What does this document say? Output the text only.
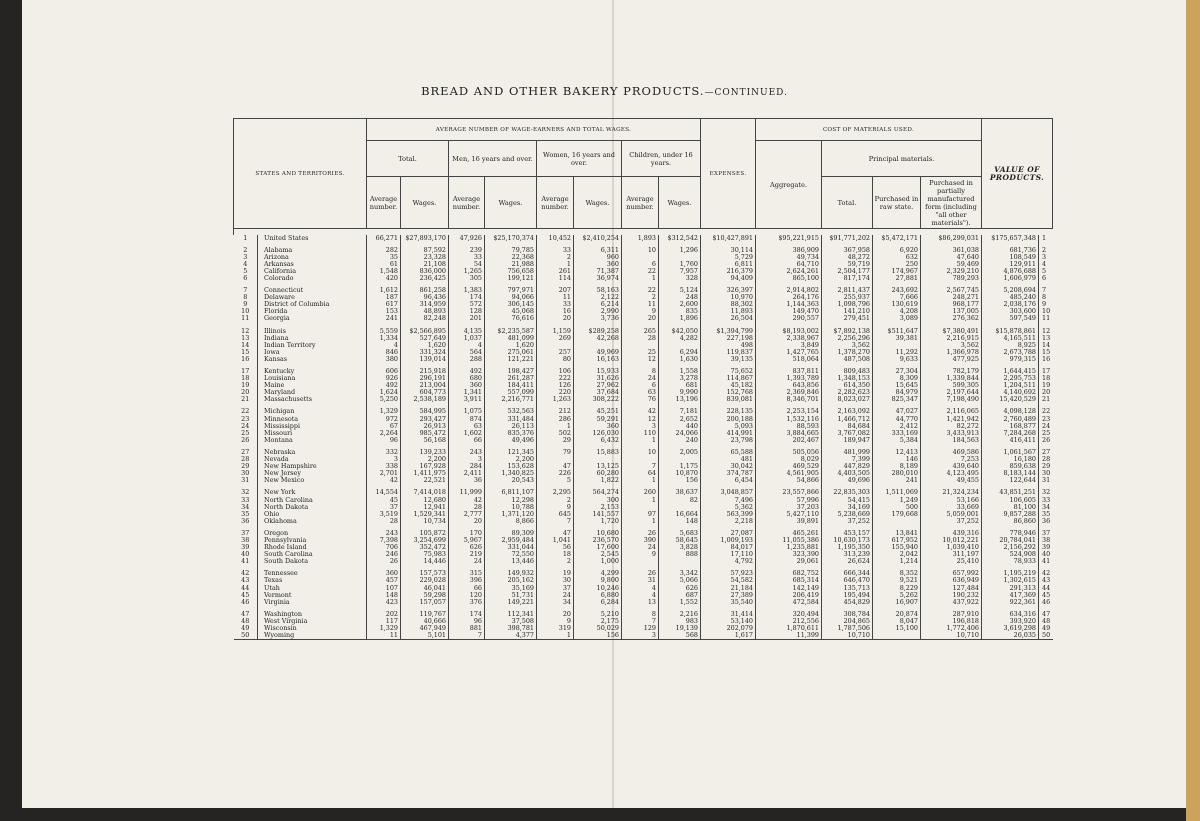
BREAD AND OTHER BAKERY PRODUCTS.—CONTINUED.
STATES AND TERRITORIES.		AVERAGE NUMBER OF WAGE-EARNERS AND TOTAL WAGES.								EXPENSES.	COST OF MATERIALS USED.				VALUE OF PRODUCTS.	
		Total.		Men, 16 years and over.		Women, 16 years and over.		Children, under 16 years.			Aggregate.	Principal materials.				
		Average number.	Wages.	Average number.	Wages.	Average number.	Wages.	Average number.	Wages.			Total.	Purchased in raw state.	Purchased in partially manufactured form (including "all other materials").		

1	United States	66,271	$27,893,170	47,926	$25,170,374	10,452	$2,410,254	1,893	$312,542	$10,427,891	$95,221,915	$91,771,202	$5,472,171	$86,299,031	$175,657,348	1

2	Alabama	282	87,592	239	79,785	33	6,311	10	1,296	30,114	386,909	367,958	6,920	361,038	681,736	2
3	Arizona	35	23,328	33	22,368	2	960			5,729	49,734	48,272	632	47,640	108,549	3
4	Arkansas	61	21,108	54	21,988	1	360	6	1,760	6,811	64,710	59,719	250	59,469	129,911	4
5	California	1,548	836,000	1,265	756,658	261	71,387	22	7,957	216,379	2,624,261	2,504,177	174,967	2,329,210	4,876,688	5
6	Colorado	420	236,425	305	199,121	114	36,974	1	328	94,409	865,100	817,174	27,881	789,293	1,606,979	6

7	Connecticut	1,612	861,258	1,383	797,971	207	58,163	22	5,124	326,397	2,914,802	2,811,437	243,692	2,567,745	5,208,694	7
8	Delaware	187	96,436	174	94,066	11	2,122	2	248	10,970	264,176	255,937	7,666	248,271	485,240	8
9	District of Columbia	617	314,959	572	306,145	33	6,214	11	2,600	88,302	1,144,363	1,098,796	130,619	968,177	2,038,176	9
10	Florida	153	48,893	128	45,068	16	2,990	9	835	11,893	149,470	141,210	4,208	137,005	303,600	10
11	Georgia	241	82,248	201	76,616	20	3,736	20	1,896	26,504	290,557	279,451	3,089	276,362	597,549	11

12	Illinois	5,559	$2,566,895	4,135	$2,235,587	1,159	$289,258	265	$42,050	$1,394,799	$8,193,002	$7,892,138	$511,647	$7,380,491	$15,878,861	12
13	Indiana	1,334	527,649	1,037	481,099	269	42,268	28	4,282	227,198	2,338,967	2,256,296	39,381	2,216,915	4,165,511	13
14	Indian Territory	4	1,620	4	1,620					498	3,849	3,562		3,562	8,925	14
15	Iowa	846	331,324	564	275,061	257	49,969	25	6,294	119,837	1,427,765	1,378,270	11,292	1,366,978	2,673,788	15
16	Kansas	380	139,014	288	121,221	80	16,163	12	1,630	39,135	518,064	487,508	9,633	477,925	979,315	16

17	Kentucky	606	215,918	492	198,427	106	15,933	8	1,558	75,652	837,811	809,483	27,304	782,179	1,644,415	17
18	Louisiana	926	296,191	680	261,287	222	31,626	24	3,278	114,867	1,393,789	1,348,153	8,309	1,339,844	2,295,753	18
19	Maine	492	213,004	360	184,411	126	27,962	6	681	45,182	643,856	614,350	15,645	599,305	1,204,511	19
20	Maryland	1,624	604,773	1,341	557,099	220	37,684	63	9,990	152,768	2,369,846	2,282,623	84,979	2,197,644	4,140,692	20
21	Massachusetts	5,250	2,538,189	3,911	2,216,771	1,263	308,222	76	13,196	839,081	8,346,701	8,023,027	825,347	7,198,490	15,420,529	21

22	Michigan	1,329	584,995	1,075	532,563	212	45,251	42	7,181	228,135	2,253,154	2,163,092	47,027	2,116,065	4,098,128	22
23	Minnesota	972	293,427	874	331,484	286	59,291	12	2,652	200,188	1,532,116	1,466,712	44,770	1,421,942	2,760,489	23
24	Mississippi	67	26,913	63	26,113	1	360	3	440	5,093	88,593	84,684	2,412	82,272	168,877	24
25	Missouri	2,264	985,472	1,602	835,376	502	126,030	110	24,066	414,991	3,884,665	3,767,082	333,169	3,433,913	7,284,268	25
26	Montana	96	56,168	66	49,496	29	6,432	1	240	23,798	202,467	189,947	5,384	184,563	416,411	26

27	Nebraska	332	139,233	243	121,345	79	15,883	10	2,005	65,588	505,056	481,999	12,413	469,586	1,061,567	27
28	Nevada	3	2,200	3	2,200					481	8,029	7,399	146	7,253	16,180	28
29	New Hampshire	338	167,928	284	153,628	47	13,125	7	1,175	30,042	469,529	447,829	8,189	439,640	859,638	29
30	New Jersey	2,701	1,411,975	2,411	1,340,825	226	60,280	64	10,870	374,787	4,561,905	4,403,505	280,010	4,123,495	8,183,144	30
31	New Mexico	42	22,521	36	20,543	5	1,822	1	156	6,454	54,866	49,696	241	49,455	122,644	31

32	New York	14,554	7,414,018	11,999	6,811,107	2,295	564,274	260	38,637	3,048,857	23,557,866	22,835,303	1,511,069	21,324,234	43,851,251	32
33	North Carolina	45	12,680	42	12,298	2	300	1	82	7,496	57,996	54,415	1,249	53,166	106,605	33
34	North Dakota	37	12,941	28	10,788	9	2,153			5,362	37,203	34,169	500	33,669	81,100	34
35	Ohio	3,519	1,529,341	2,777	1,371,120	645	141,557	97	16,664	563,399	5,427,110	5,238,669	179,668	5,059,001	9,857,288	35
36	Oklahoma	28	10,734	20	8,866	7	1,720	1	148	2,218	39,891	37,252		37,252	86,860	36

37	Oregon	243	105,872	170	89,309	47	10,680	26	5,683	27,087	465,261	453,157	13,841	439,316	778,946	37
38	Pennsylvania	7,398	3,254,699	5,967	2,959,484	1,041	236,570	390	58,645	1,009,193	11,055,386	10,630,173	617,952	10,012,221	20,784,041	38
39	Rhode Island	706	352,472	626	331,044	56	17,600	24	3,828	84,017	1,235,881	1,195,350	155,940	1,039,410	2,156,292	39
40	South Carolina	246	75,983	219	72,550	18	2,545	9	888	17,110	323,390	313,239	2,042	311,197	524,908	40
41	South Dakota	26	14,446	24	13,446	2	1,000			4,792	29,061	26,624	1,214	25,410	78,933	41

42	Tennessee	360	157,573	315	149,932	19	4,299	26	3,342	57,923	682,752	666,344	8,352	657,992	1,195,219	42
43	Texas	457	229,028	396	205,162	30	9,800	31	5,066	54,582	685,314	646,470	9,521	636,949	1,302,615	43
44	Utah	107	46,041	66	35,169	37	10,246	4	626	21,184	142,149	135,713	8,229	127,484	291,313	44
45	Vermont	148	59,298	120	51,731	24	6,880	4	687	27,389	206,419	195,494	5,262	190,232	417,369	45
46	Virginia	423	157,057	376	149,221	34	6,284	13	1,552	35,540	472,584	454,829	16,907	437,922	922,361	46

47	Washington	202	119,767	174	112,341	20	5,210	8	2,216	31,414	320,494	308,784	20,874	287,910	634,316	47
48	West Virginia	117	40,666	96	37,508	9	2,175	7	983	53,140	212,556	204,865	8,047	196,818	393,920	48
49	Wisconsin	1,329	467,949	881	398,781	319	50,029	129	19,139	202,079	1,870,611	1,787,506	15,100	1,772,406	3,619,298	49
50	Wyoming	11	5,101	7	4,377	1	156	3	568	1,617	11,399	10,710		10,710	26,035	50
